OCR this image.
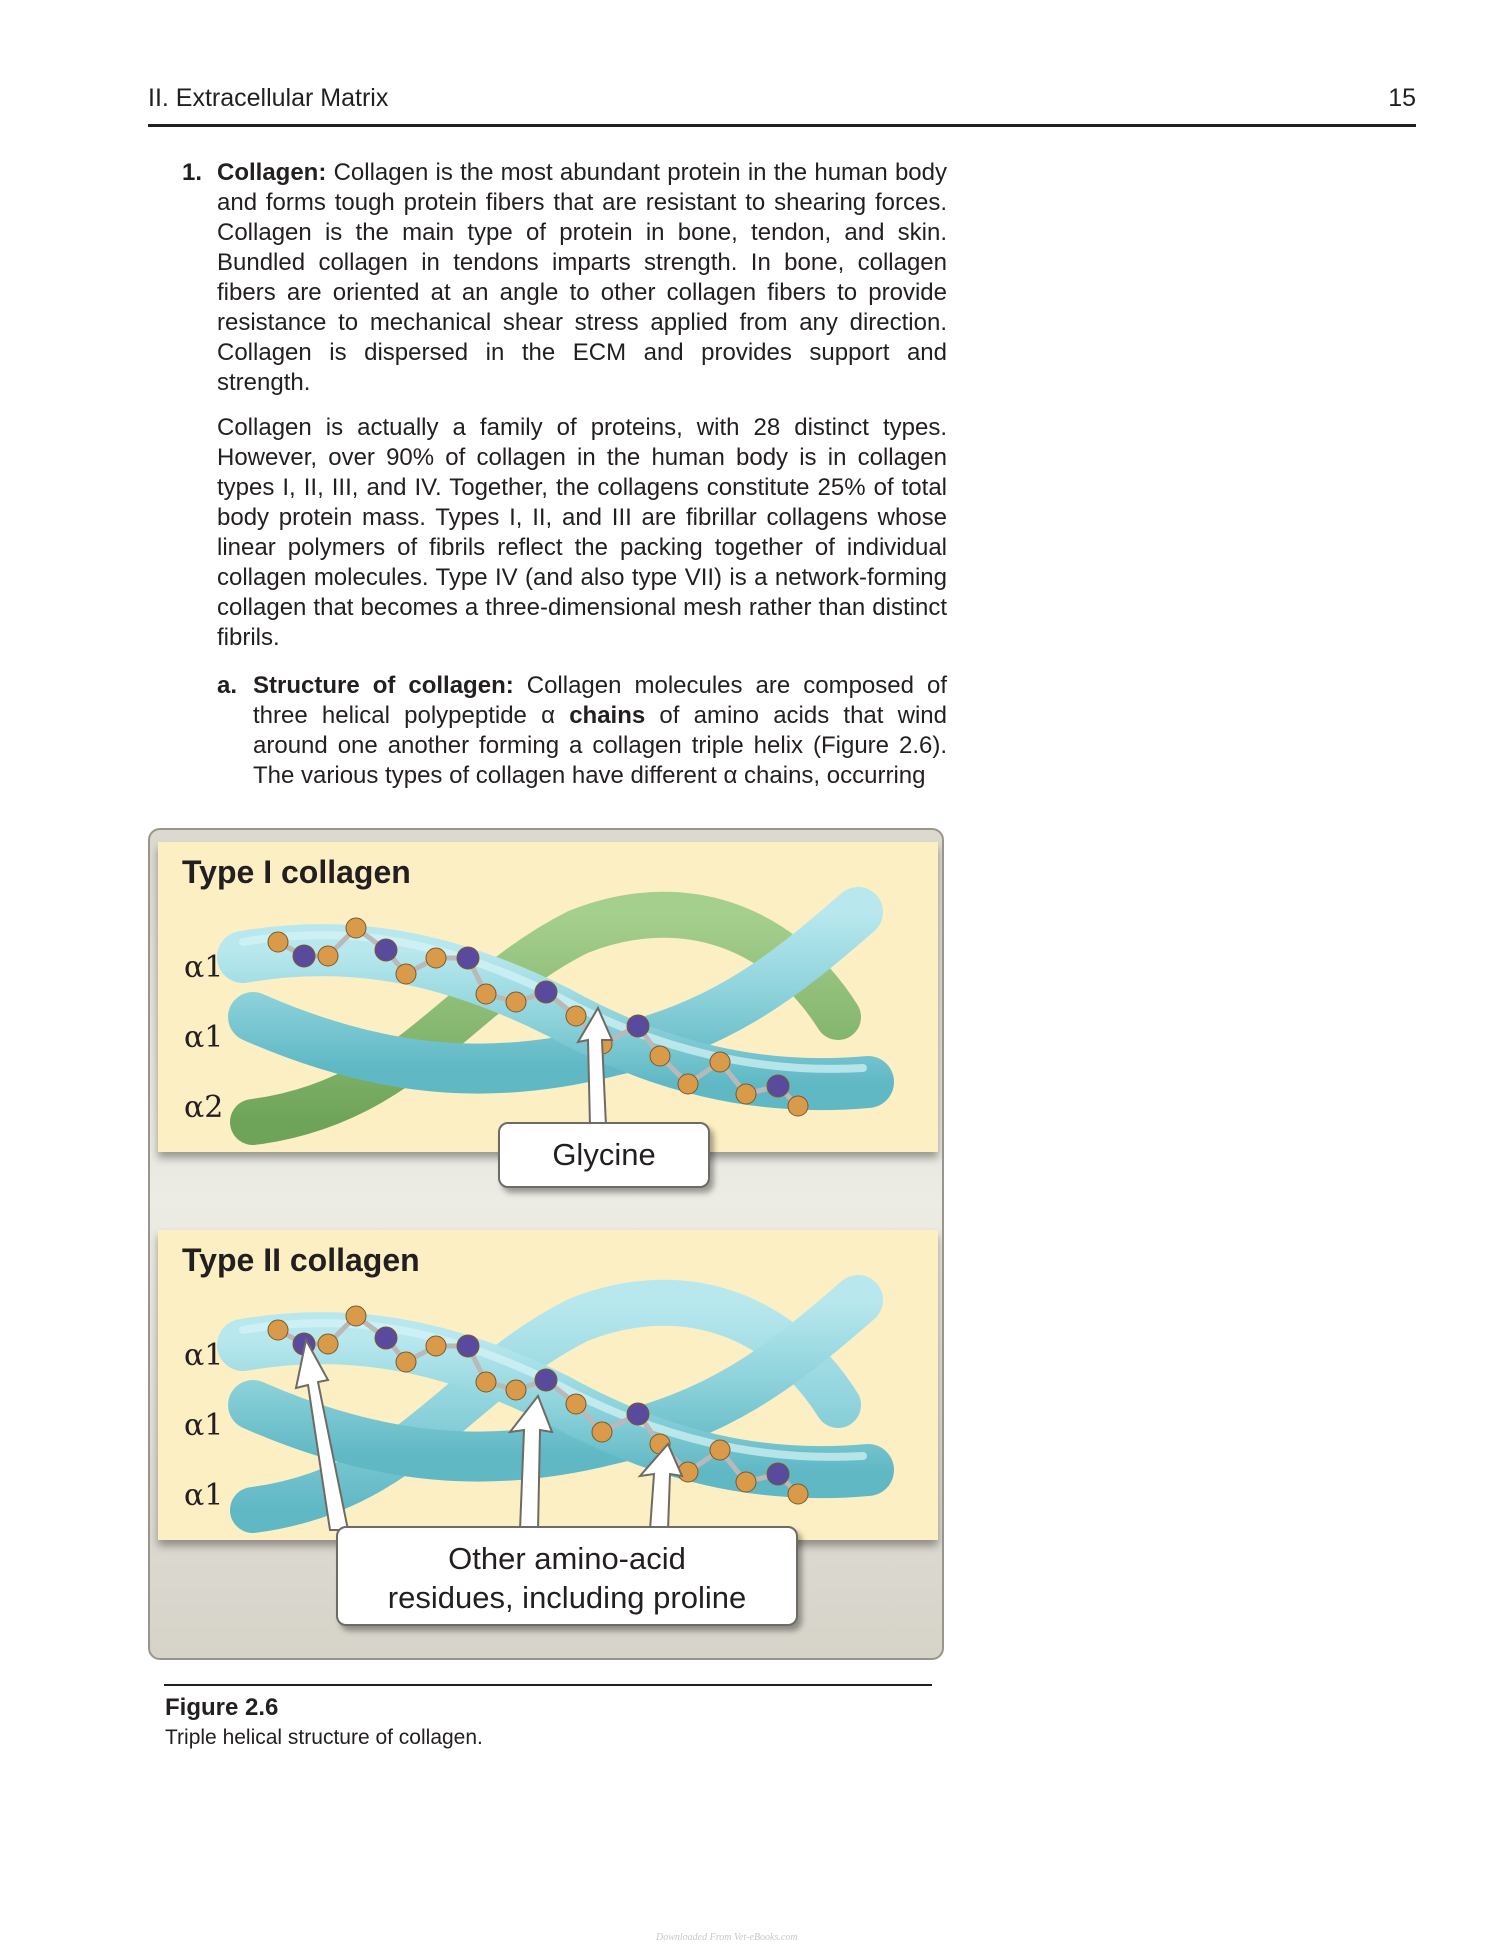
II. Extracellular Matrix	15
1. Collagen: Collagen is the most abundant protein in the human body and forms tough protein fibers that are resistant to shearing forces. Collagen is the main type of protein in bone, tendon, and skin. Bundled collagen in tendons imparts strength. In bone, collagen fibers are oriented at an angle to other collagen fibers to provide resistance to mechanical shear stress applied from any direction. Collagen is dispersed in the ECM and provides support and strength.
Collagen is actually a family of proteins, with 28 distinct types. However, over 90% of collagen in the human body is in collagen types I, II, III, and IV. Together, the collagens constitute 25% of total body protein mass. Types I, II, and III are fibrillar collagens whose linear polymers of fibrils reflect the packing together of individual collagen molecules. Type IV (and also type VII) is a network-forming collagen that becomes a three-dimensional mesh rather than distinct fibrils.
a. Structure of collagen: Collagen molecules are composed of three helical polypeptide α chains of amino acids that wind around one another forming a collagen triple helix (Figure 2.6). The various types of collagen have different α chains, occurring
Type I collagen
α1
α1
α2
Type II collagen
α1
α1
α1
Glycine
Other amino-acid
residues, including proline
Figure 2.6
Triple helical structure of collagen.
Downloaded From Vet-eBooks.com
